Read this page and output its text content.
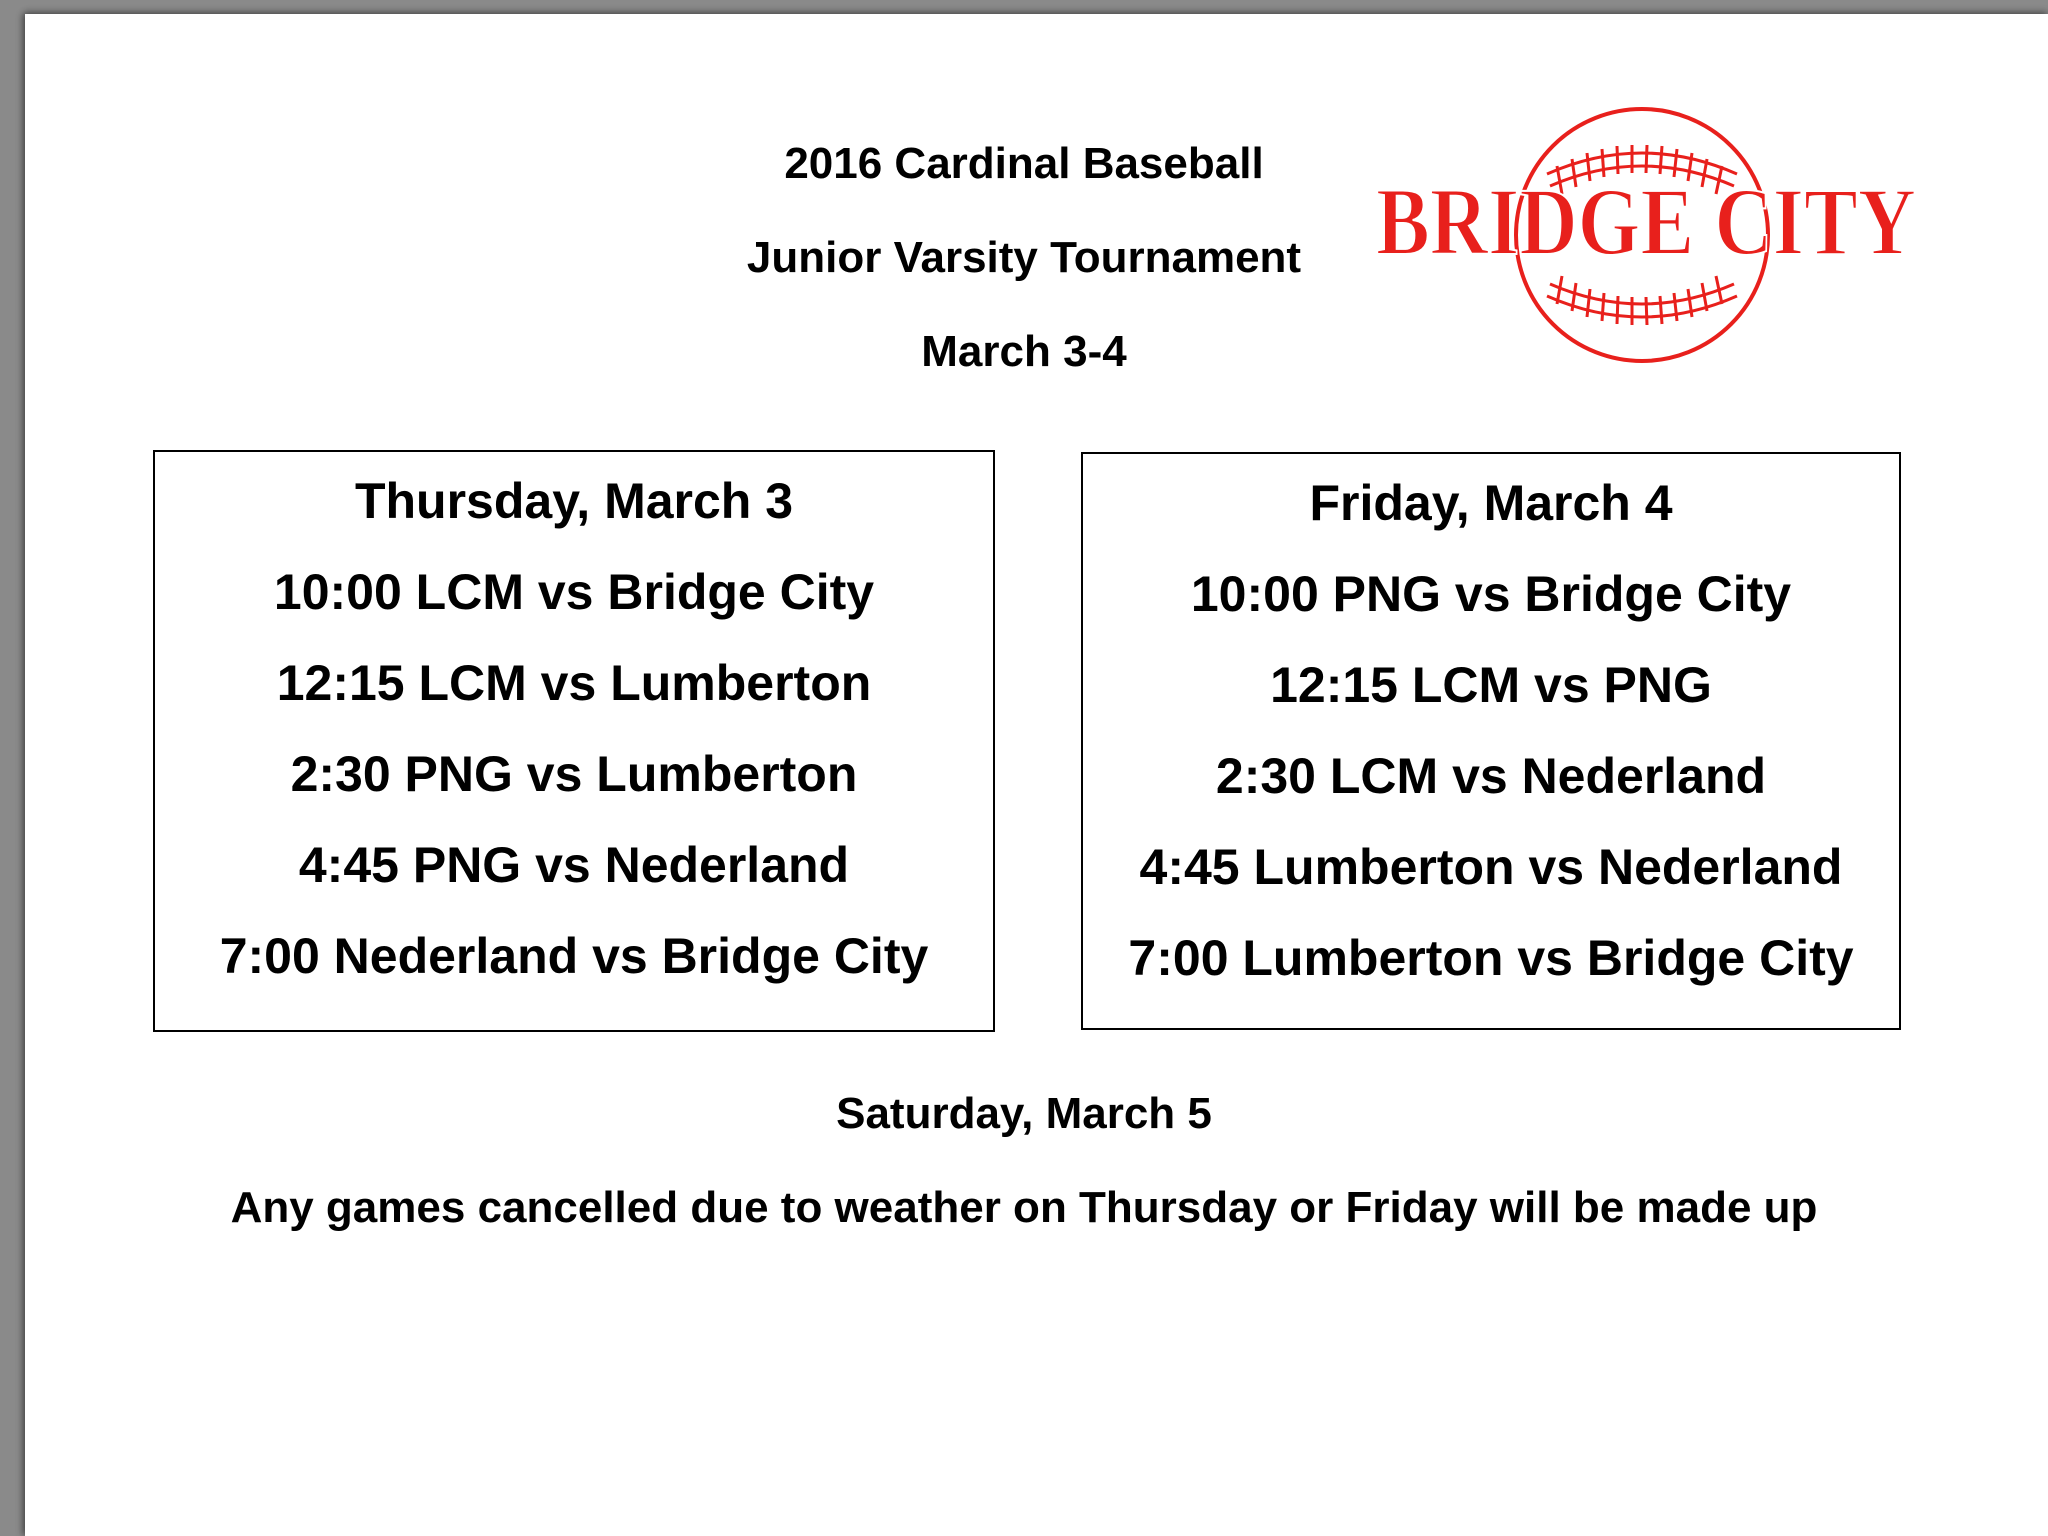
2016 Cardinal Baseball
Junior Varsity Tournament
March 3-4
BRIDGE CITY
Thursday, March 3
10:00 LCM vs Bridge City
12:15 LCM vs Lumberton
2:30 PNG vs Lumberton
4:45 PNG vs Nederland
7:00 Nederland vs Bridge City
Friday, March 4
10:00 PNG vs Bridge City
12:15 LCM vs PNG
2:30 LCM vs Nederland
4:45 Lumberton vs Nederland
7:00 Lumberton vs Bridge City
Saturday, March 5
Any games cancelled due to weather on Thursday or Friday will be made up
